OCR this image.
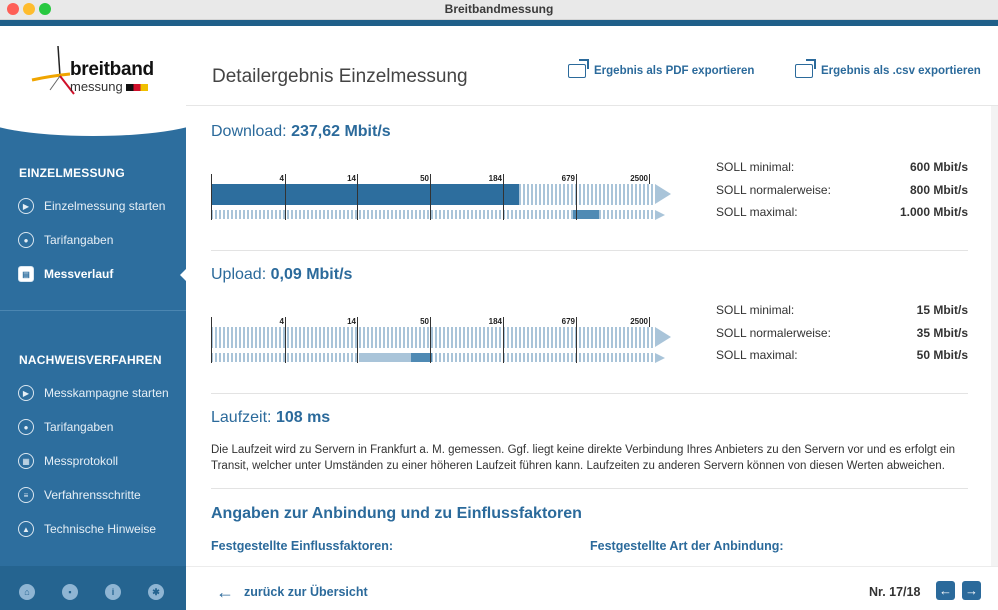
Breitbandmessung
breitband
messung
EINZELMESSUNG
▶	Einzelmessung starten
●	Tarifangaben
▤	Messverlauf
NACHWEISVERFAHREN
▶	Messkampagne starten
●	Tarifangaben
▦	Messprotokoll
≡	Verfahrensschritte
▲	Technische Hinweise
⌂	▪	i	✱
Detailergebnis Einzelmessung	Ergebnis als PDF exportieren	Ergebnis als .csv exportieren
Download: 237,62 Mbit/s
4	14	50	184	679	2500
SOLL minimal:	600 Mbit/s
SOLL normalerweise:	800 Mbit/s
SOLL maximal:	1.000 Mbit/s
Upload: 0,09 Mbit/s
4	14	50	184	679	2500
SOLL minimal:	15 Mbit/s
SOLL normalerweise:	35 Mbit/s
SOLL maximal:	50 Mbit/s
Laufzeit: 108 ms
Die Laufzeit wird zu Servern in Frankfurt a. M. gemessen. Ggf. liegt keine direkte Verbindung Ihres Anbieters zu den Servern vor und es erfolgt ein Transit, welcher unter Umständen zu einer höheren Laufzeit führen kann. Laufzeiten zu anderen Servern können von diesen Werten abweichen.
Angaben zur Anbindung und zu Einflussfaktoren
Festgestellte Einflussfaktoren:	Festgestellte Art der Anbindung:
← zurück zur Übersicht	Nr. 17/18 ← →
